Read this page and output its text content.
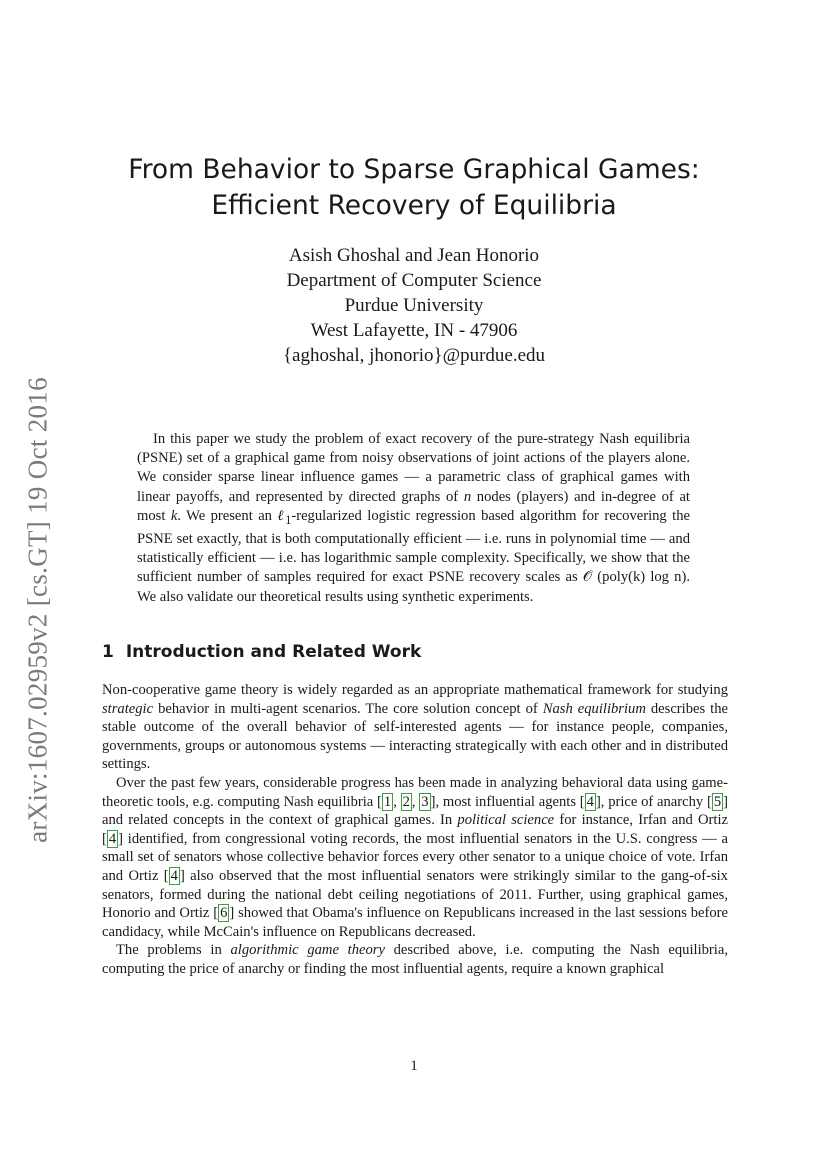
arXiv:1607.02959v2 [cs.GT] 19 Oct 2016
From Behavior to Sparse Graphical Games:
Efficient Recovery of Equilibria
Asish Ghoshal and Jean Honorio
Department of Computer Science
Purdue University
West Lafayette, IN - 47906
{aghoshal, jhonorio}@purdue.edu

In this paper we study the problem of exact recovery of the pure-strategy Nash equilibria (PSNE) set of a graphical game from noisy observations of joint actions of the players alone. We consider sparse linear influence games — a parametric class of graphical games with linear payoffs, and represented by directed graphs of n nodes (players) and in-degree of at most k. We present an ℓ$_1$-regularized logistic regression based algorithm for recovering the PSNE set exactly, that is both computationally efficient — i.e. runs in polynomial time — and statistically efficient — i.e. has logarithmic sample complexity. Specifically, we show that the sufficient number of samples required for exact PSNE recovery scales as 𝒪 (poly(k) log n). We also validate our theoretical results using synthetic experiments.

1 Introduction and Related Work

Non-cooperative game theory is widely regarded as an appropriate mathematical framework for studying strategic behavior in multi-agent scenarios. The core solution concept of Nash equilibrium describes the stable outcome of the overall behavior of self-interested agents — for instance people, companies, governments, groups or autonomous systems — interacting strategically with each other and in distributed settings.

Over the past few years, considerable progress has been made in analyzing behavioral data using game-theoretic tools, e.g. computing Nash equilibria [ 1 , 2 , 3 ], most influential agents [ 4 ], price of anarchy [ 5 ] and related concepts in the context of graphical games. In political science for instance, Irfan and Ortiz [ 4 ] identified, from congressional voting records, the most influential senators in the U.S. congress — a small set of senators whose collective behavior forces every other senator to a unique choice of vote. Irfan and Ortiz [ 4 ] also observed that the most influential senators were strikingly similar to the gang-of-six senators, formed during the national debt ceiling negotiations of 2011. Further, using graphical games, Honorio and Ortiz [ 6 ] showed that Obama's influence on Republicans increased in the last sessions before candidacy, while McCain's influence on Republicans decreased.

The problems in algorithmic game theory described above, i.e. computing the Nash equilibria, computing the price of anarchy or finding the most influential agents, require a known graphical

1
